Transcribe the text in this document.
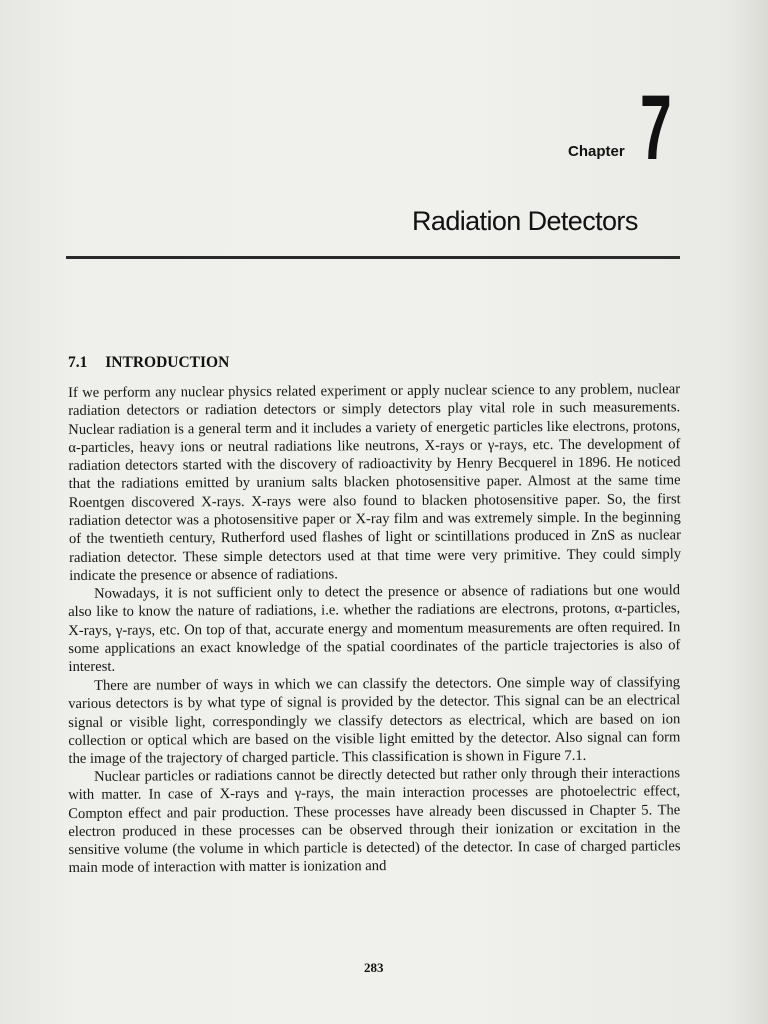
Chapter 7
Radiation Detectors
7.1 INTRODUCTION

If we perform any nuclear physics related experiment or apply nuclear science to any problem, nuclear radiation detectors or radiation detectors or simply detectors play vital role in such measurements. Nuclear radiation is a general term and it includes a variety of energetic particles like electrons, protons, α-particles, heavy ions or neutral radiations like neutrons, X-rays or γ-rays, etc. The development of radiation detectors started with the discovery of radioactivity by Henry Becquerel in 1896. He noticed that the radiations emitted by uranium salts blacken photosensitive paper. Almost at the same time Roentgen discovered X-rays. X-rays were also found to blacken photosensitive paper. So, the first radiation detector was a photosensitive paper or X-ray film and was extremely simple. In the beginning of the twentieth century, Rutherford used flashes of light or scintillations produced in ZnS as nuclear radiation detector. These simple detectors used at that time were very primitive. They could simply indicate the presence or absence of radiations.

Nowadays, it is not sufficient only to detect the presence or absence of radiations but one would also like to know the nature of radiations, i.e. whether the radiations are electrons, protons, α-particles, X-rays, γ-rays, etc. On top of that, accurate energy and momentum measurements are often required. In some applications an exact knowledge of the spatial coordinates of the particle trajectories is also of interest.

There are number of ways in which we can classify the detectors. One simple way of classifying various detectors is by what type of signal is provided by the detector. This signal can be an electrical signal or visible light, correspondingly we classify detectors as electrical, which are based on ion collection or optical which are based on the visible light emitted by the detector. Also signal can form the image of the trajectory of charged particle. This classification is shown in Figure 7.1.

Nuclear particles or radiations cannot be directly detected but rather only through their interactions with matter. In case of X-rays and γ-rays, the main interaction processes are photoelectric effect, Compton effect and pair production. These processes have already been discussed in Chapter 5. The electron produced in these processes can be observed through their ionization or excitation in the sensitive volume (the volume in which particle is detected) of the detector. In case of charged particles main mode of interaction with matter is ionization and

283
